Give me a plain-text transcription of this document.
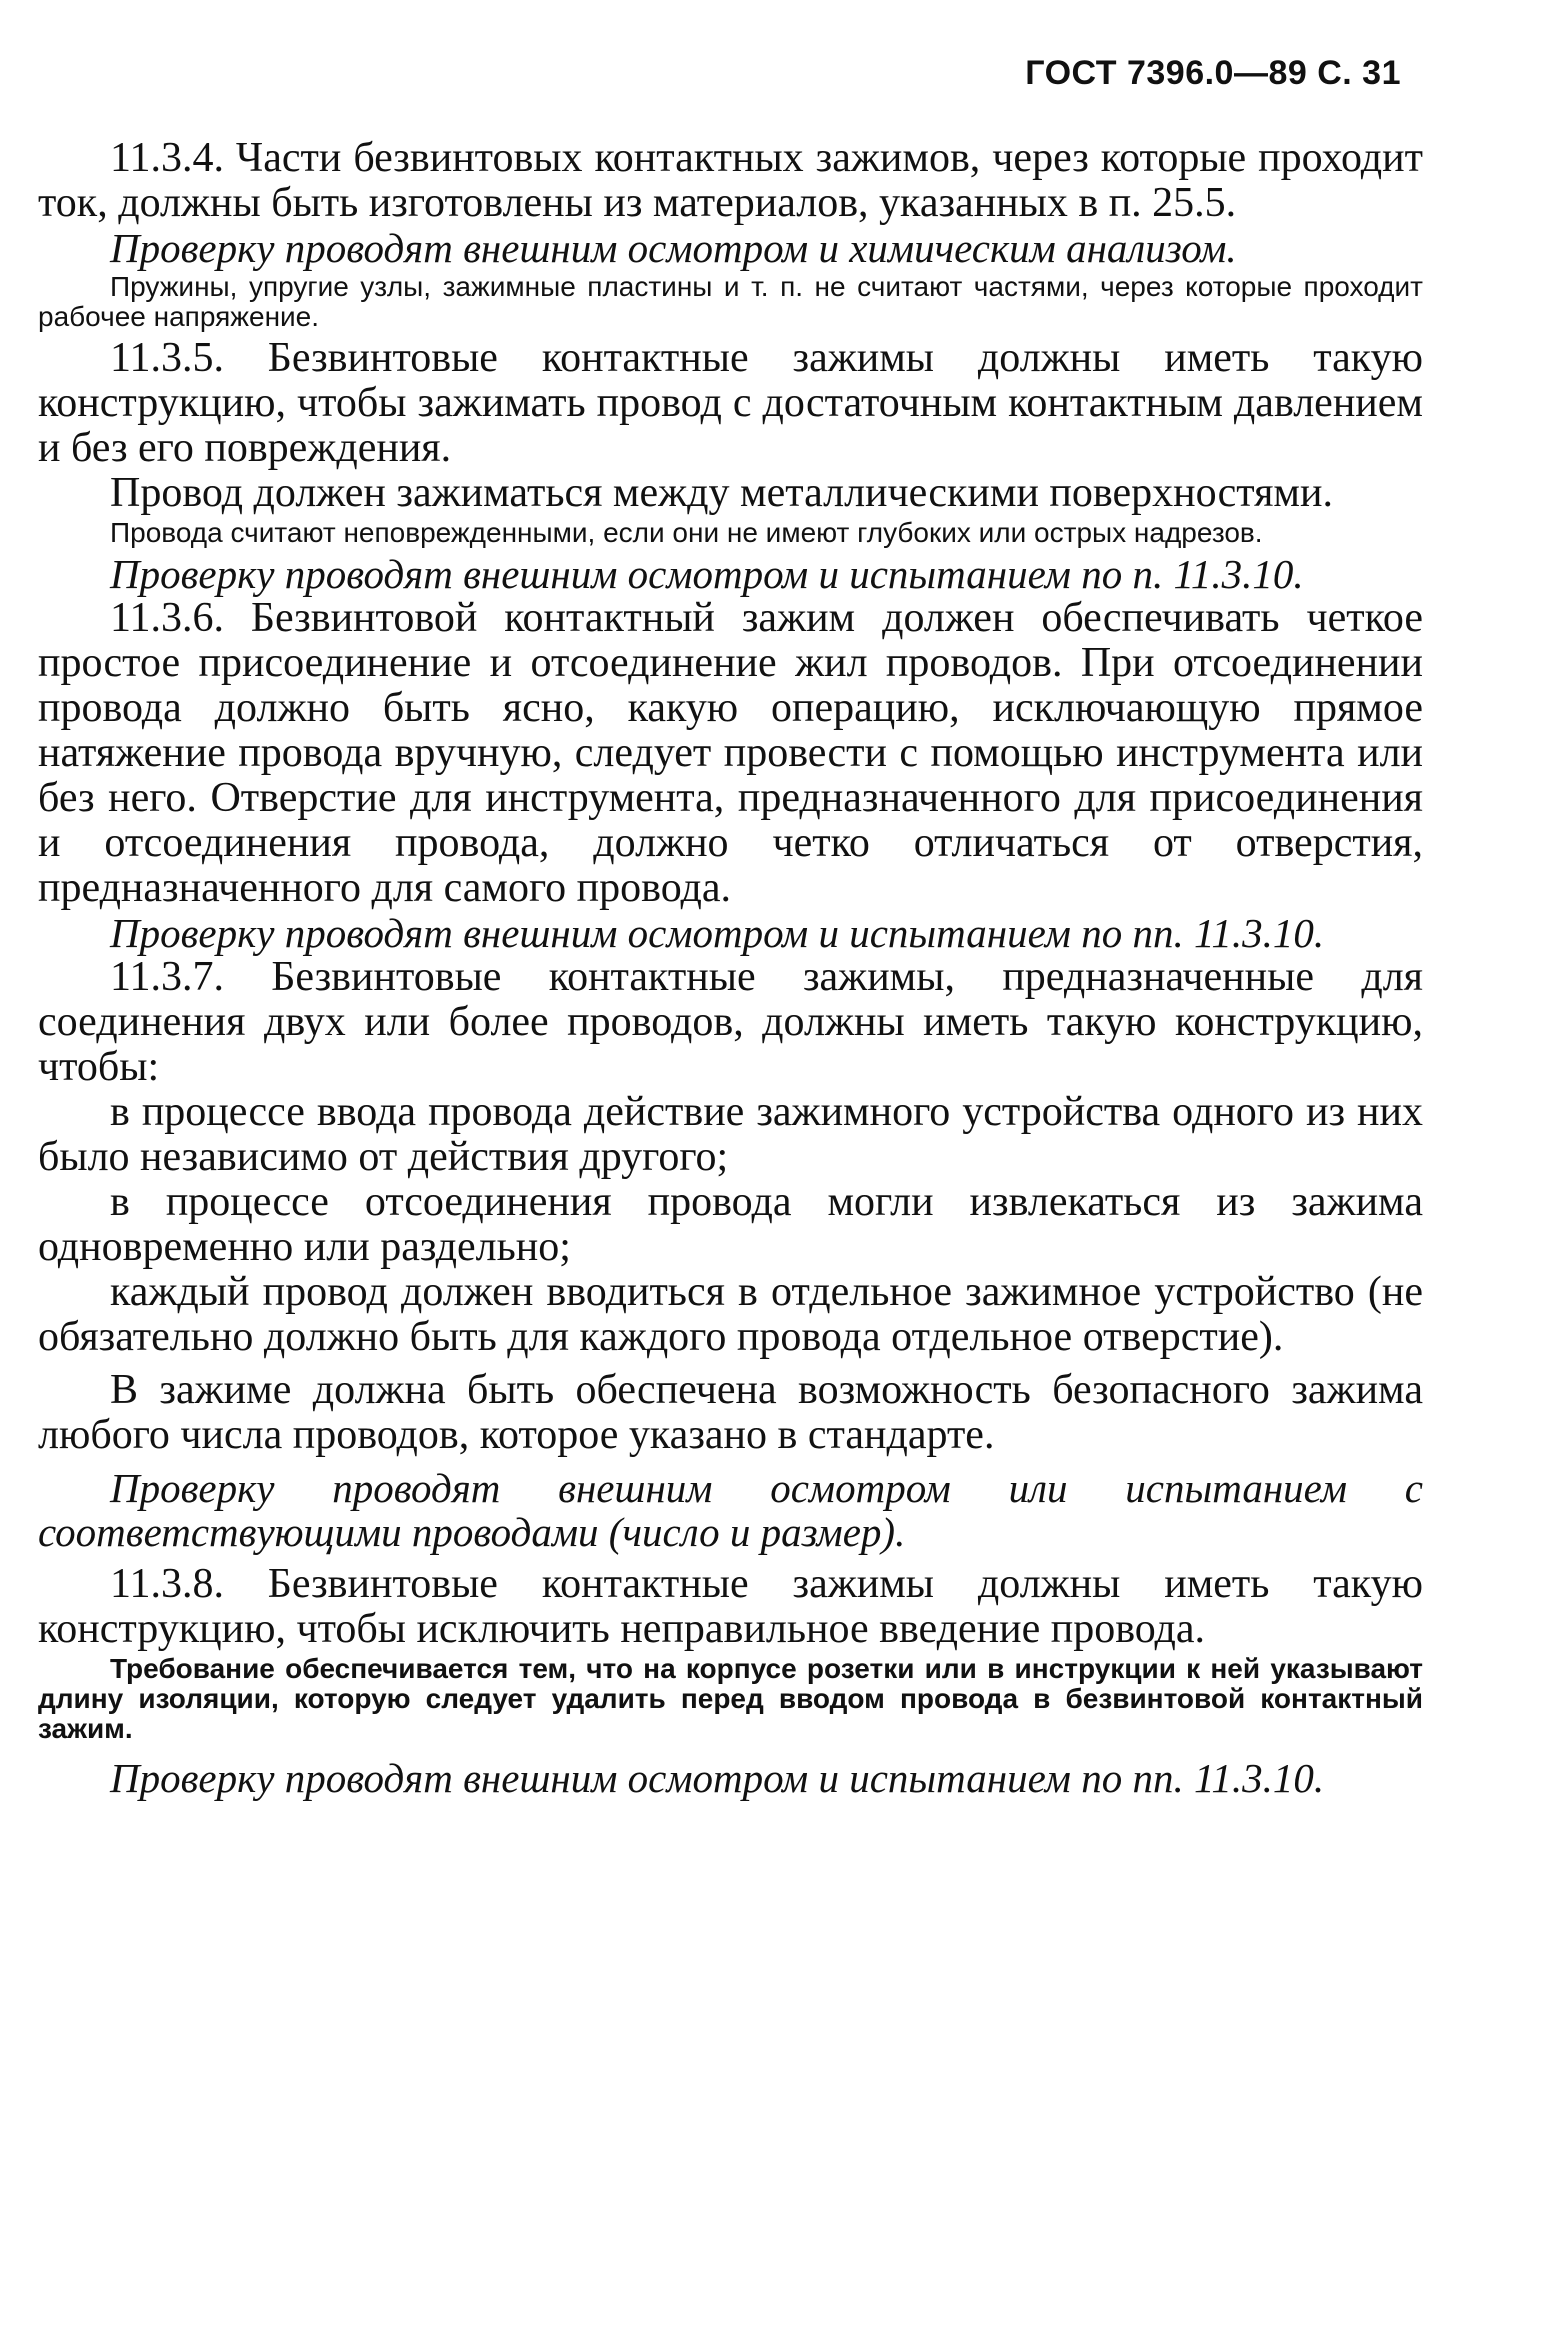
ГОСТ 7396.0—89 С. 31

11.3.4. Части безвинтовых контактных зажимов, через которые проходит ток, должны быть изготовлены из материалов, указанных в п. 25.5.

Проверку проводят внешним осмотром и химическим анализом.

Пружины, упругие узлы, зажимные пластины и т. п. не считают частями, через которые проходит рабочее напряжение.

11.3.5. Безвинтовые контактные зажимы должны иметь такую конструкцию, чтобы зажимать провод с достаточным контактным давлением и без его повреждения.

Провод должен зажиматься между металлическими поверхностями.

Провода считают неповрежденными, если они не имеют глубоких или острых надрезов.

Проверку проводят внешним осмотром и испытанием по п. 11.3.10.

11.3.6. Безвинтовой контактный зажим должен обеспечивать четкое простое присоединение и отсоединение жил проводов. При отсоединении провода должно быть ясно, какую операцию, исключающую прямое натяжение провода вручную, следует провести с помощью инструмента или без него. Отверстие для инструмента, предназначенного для присоединения и отсоединения провода, должно четко отличаться от отверстия, предназначенного для самого провода.

Проверку проводят внешним осмотром и испытанием по пп. 11.3.10.

11.3.7. Безвинтовые контактные зажимы, предназначенные для соединения двух или более проводов, должны иметь такую конструкцию, чтобы:

в процессе ввода провода действие зажимного устройства одного из них было независимо от действия другого;

в процессе отсоединения провода могли извлекаться из зажима одновременно или раздельно;

каждый провод должен вводиться в отдельное зажимное устройство (не обязательно должно быть для каждого провода отдельное отверстие).

В зажиме должна быть обеспечена возможность безопасного зажима любого числа проводов, которое указано в стандарте.

Проверку проводят внешним осмотром или испытанием с соответствующими проводами (число и размер).

11.3.8. Безвинтовые контактные зажимы должны иметь такую конструкцию, чтобы исключить неправильное введение провода.

Требование обеспечивается тем, что на корпусе розетки или в инструкции к ней указывают длину изоляции, которую следует удалить перед вводом провода в безвинтовой контактный зажим.

Проверку проводят внешним осмотром и испытанием по пп. 11.3.10.
